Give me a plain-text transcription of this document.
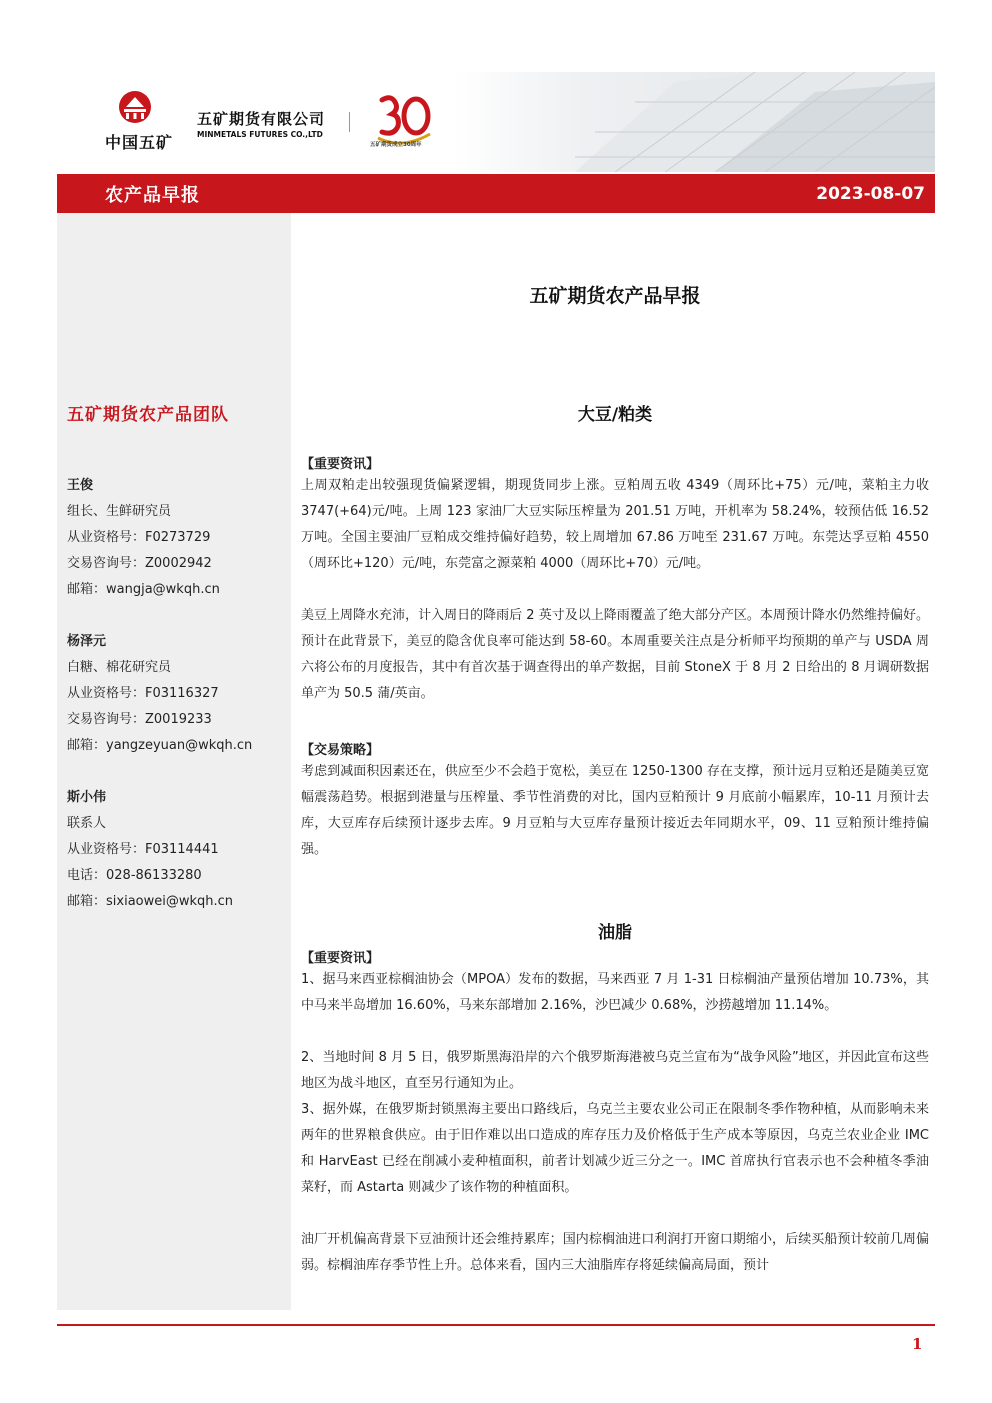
中国五矿
五矿期货有限公司
MINMETALS FUTURES CO.,LTD
五矿期货成立30周年
农产品早报	2023-08-07
五矿期货农产品团队
王俊
组长、生鲜研究员
从业资格号：F0273729
交易咨询号：Z0002942
邮箱：wangja@wkqh.cn
杨泽元
白糖、棉花研究员
从业资格号：F03116327
交易咨询号：Z0019233
邮箱：yangzeyuan@wkqh.cn
斯小伟
联系人
从业资格号：F03114441
电话：028-86133280
邮箱：sixiaowei@wkqh.cn
五矿期货农产品早报
大豆/粕类
【重要资讯】
上周双粕走出较强现货偏紧逻辑，期现货同步上涨。豆粕周五收 4349（周环比+75）元/吨，菜粕主力收 3747(+64)元/吨。上周 123 家油厂大豆实际压榨量为 201.51 万吨，开机率为 58.24%，较预估低 16.52 万吨。全国主要油厂豆粕成交维持偏好趋势，较上周增加 67.86 万吨至 231.67 万吨。东莞达孚豆粕 4550（周环比+120）元/吨，东莞富之源菜粕 4000（周环比+70）元/吨。
美豆上周降水充沛，计入周日的降雨后 2 英寸及以上降雨覆盖了绝大部分产区。本周预计降水仍然维持偏好。预计在此背景下，美豆的隐含优良率可能达到 58-60。本周重要关注点是分析师平均预期的单产与 USDA 周六将公布的月度报告，其中有首次基于调查得出的单产数据，目前 StoneX 于 8 月 2 日给出的 8 月调研数据单产为 50.5 蒲/英亩。
【交易策略】
考虑到减面积因素还在，供应至少不会趋于宽松，美豆在 1250-1300 存在支撑，预计远月豆粕还是随美豆宽幅震荡趋势。根据到港量与压榨量、季节性消费的对比，国内豆粕预计 9 月底前小幅累库，10-11 月预计去库，大豆库存后续预计逐步去库。9 月豆粕与大豆库存量预计接近去年同期水平，09、11 豆粕预计维持偏强。
油脂
【重要资讯】
1、据马来西亚棕榈油协会（MPOA）发布的数据，马来西亚 7 月 1-31 日棕榈油产量预估增加 10.73%，其中马来半岛增加 16.60%，马来东部增加 2.16%，沙巴减少 0.68%，沙捞越增加 11.14%。
2、当地时间 8 月 5 日，俄罗斯黑海沿岸的六个俄罗斯海港被乌克兰宣布为“战争风险”地区，并因此宣布这些地区为战斗地区，直至另行通知为止。
3、据外媒，在俄罗斯封锁黑海主要出口路线后，乌克兰主要农业公司正在限制冬季作物种植，从而影响未来两年的世界粮食供应。由于旧作难以出口造成的库存压力及价格低于生产成本等原因，乌克兰农业企业 IMC 和 HarvEast 已经在削减小麦种植面积，前者计划减少近三分之一。IMC 首席执行官表示也不会种植冬季油菜籽，而 Astarta 则减少了该作物的种植面积。
油厂开机偏高背景下豆油预计还会维持累库；国内棕榈油进口利润打开窗口期缩小，后续买船预计较前几周偏弱。棕榈油库存季节性上升。总体来看，国内三大油脂库存将延续偏高局面，预计
1
